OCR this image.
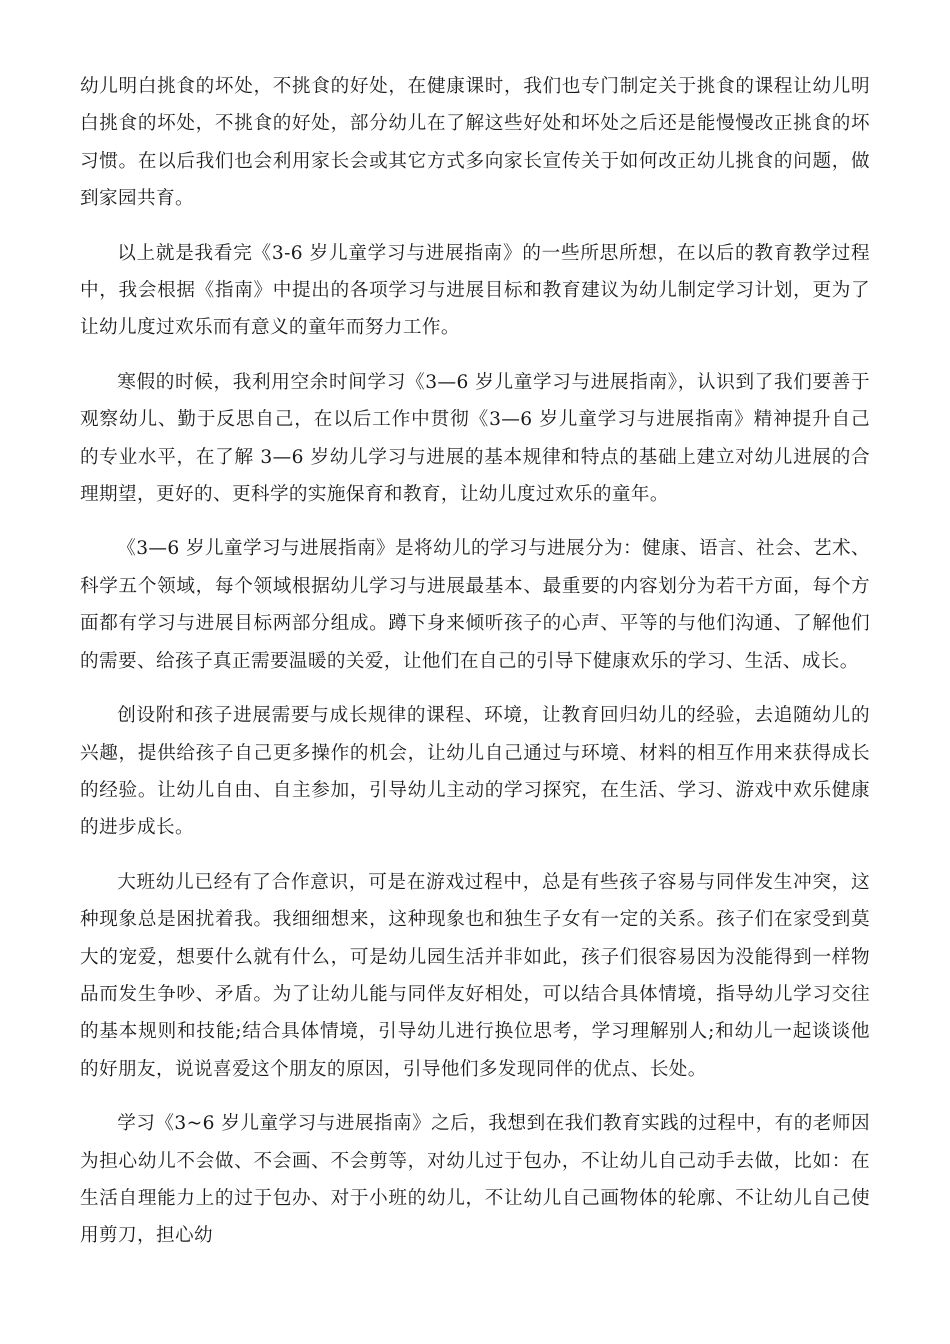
幼儿明白挑食的坏处，不挑食的好处，在健康课时，我们也专门制定关于挑食的课程让幼儿明白挑食的坏处，不挑食的好处，部分幼儿在了解这些好处和坏处之后还是能慢慢改正挑食的坏习惯。在以后我们也会利用家长会或其它方式多向家长宣传关于如何改正幼儿挑食的问题，做到家园共育。

以上就是我看完《3-6 岁儿童学习与进展指南》的一些所思所想，在以后的教育教学过程中，我会根据《指南》中提出的各项学习与进展目标和教育建议为幼儿制定学习计划，更为了让幼儿度过欢乐而有意义的童年而努力工作。

寒假的时候，我利用空余时间学习《3—6 岁儿童学习与进展指南》，认识到了我们要善于观察幼儿、勤于反思自己，在以后工作中贯彻《3—6 岁儿童学习与进展指南》精神提升自己的专业水平，在了解 3—6 岁幼儿学习与进展的基本规律和特点的基础上建立对幼儿进展的合理期望，更好的、更科学的实施保育和教育，让幼儿度过欢乐的童年。

《3—6 岁儿童学习与进展指南》是将幼儿的学习与进展分为：健康、语言、社会、艺术、科学五个领域，每个领域根据幼儿学习与进展最基本、最重要的内容划分为若干方面，每个方面都有学习与进展目标两部分组成。蹲下身来倾听孩子的心声、平等的与他们沟通、了解他们的需要、给孩子真正需要温暖的关爱，让他们在自己的引导下健康欢乐的学习、生活、成长。

创设附和孩子进展需要与成长规律的课程、环境，让教育回归幼儿的经验，去追随幼儿的兴趣，提供给孩子自己更多操作的机会，让幼儿自己通过与环境、材料的相互作用来获得成长的经验。让幼儿自由、自主参加，引导幼儿主动的学习探究，在生活、学习、游戏中欢乐健康的进步成长。

大班幼儿已经有了合作意识，可是在游戏过程中，总是有些孩子容易与同伴发生冲突，这种现象总是困扰着我。我细细想来，这种现象也和独生子女有一定的关系。孩子们在家受到莫大的宠爱，想要什么就有什么，可是幼儿园生活并非如此，孩子们很容易因为没能得到一样物品而发生争吵、矛盾。为了让幼儿能与同伴友好相处，可以结合具体情境，指导幼儿学习交往的基本规则和技能;结合具体情境，引导幼儿进行换位思考，学习理解别人;和幼儿一起谈谈他的好朋友，说说喜爱这个朋友的原因，引导他们多发现同伴的优点、长处。

学习《3~6 岁儿童学习与进展指南》之后，我想到在我们教育实践的过程中，有的老师因为担心幼儿不会做、不会画、不会剪等，对幼儿过于包办，不让幼儿自己动手去做，比如：在生活自理能力上的过于包办、对于小班的幼儿，不让幼儿自己画物体的轮廓、不让幼儿自己使用剪刀，担心幼
